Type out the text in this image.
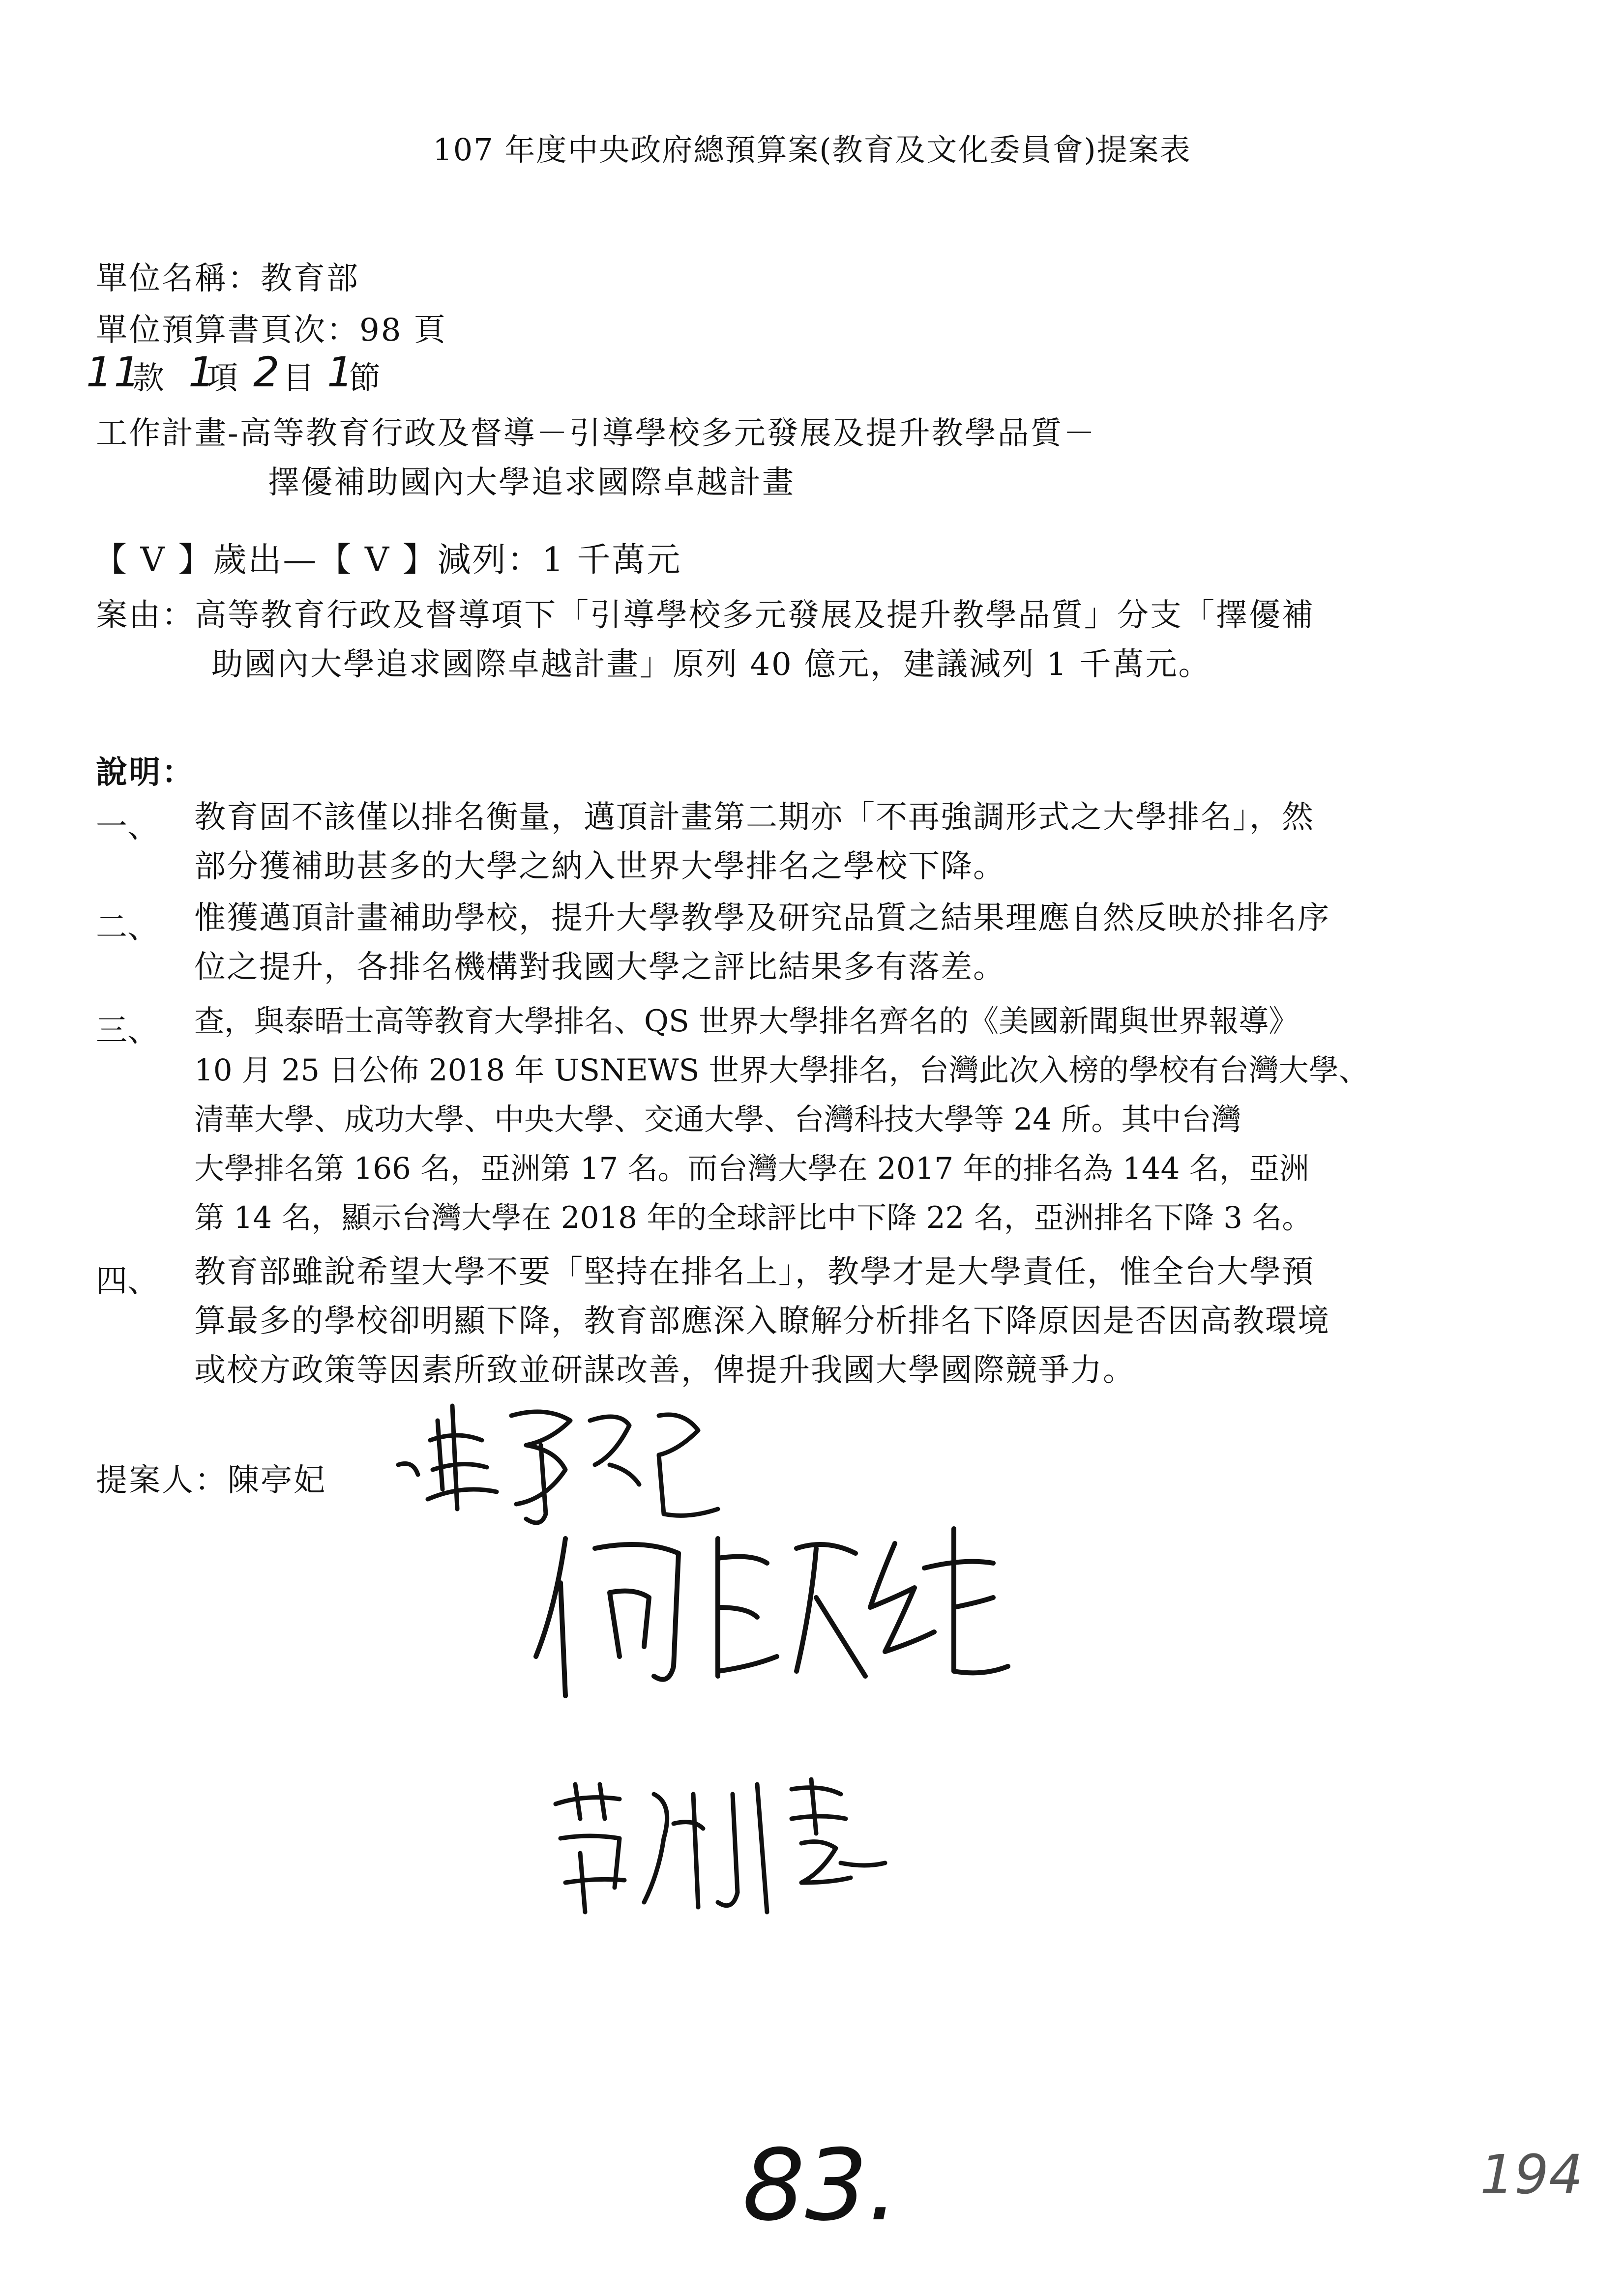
107 年度中央政府總預算案(教育及文化委員會)提案表
單位名稱：教育部
單位預算書頁次：98 頁
11
款 1
項 2 目 1
節
工作計畫-高等教育行政及督導－引導學校多元發展及提升教學品質－
擇優補助國內大學追求國際卓越計畫
【 V 】歲出—【 V 】減列：1 千萬元
案由：高等教育行政及督導項下「引導學校多元發展及提升教學品質」分支「擇優補
助國內大學追求國際卓越計畫」原列 40 億元，建議減列 1 千萬元。
說明：
一、 教育固不該僅以排名衡量，邁頂計畫第二期亦「不再強調形式之大學排名」，然
部分獲補助甚多的大學之納入世界大學排名之學校下降。
二、 惟獲邁頂計畫補助學校，提升大學教學及研究品質之結果理應自然反映於排名序
位之提升，各排名機構對我國大學之評比結果多有落差。
三、 查，與泰晤士高等教育大學排名、QS 世界大學排名齊名的《美國新聞與世界報導》
10 月 25 日公佈 2018 年 USNEWS 世界大學排名，台灣此次入榜的學校有台灣大學、
清華大學、成功大學、中央大學、交通大學、台灣科技大學等 24 所。其中台灣
大學排名第 166 名，亞洲第 17 名。而台灣大學在 2017 年的排名為 144 名，亞洲
第 14 名，顯示台灣大學在 2018 年的全球評比中下降 22 名，亞洲排名下降 3 名。
四、 教育部雖說希望大學不要「堅持在排名上」，教學才是大學責任，惟全台大學預
算最多的學校卻明顯下降，教育部應深入瞭解分析排名下降原因是否因高教環境
或校方政策等因素所致並研謀改善，俾提升我國大學國際競爭力。
提案人：陳亭妃
83.	194
